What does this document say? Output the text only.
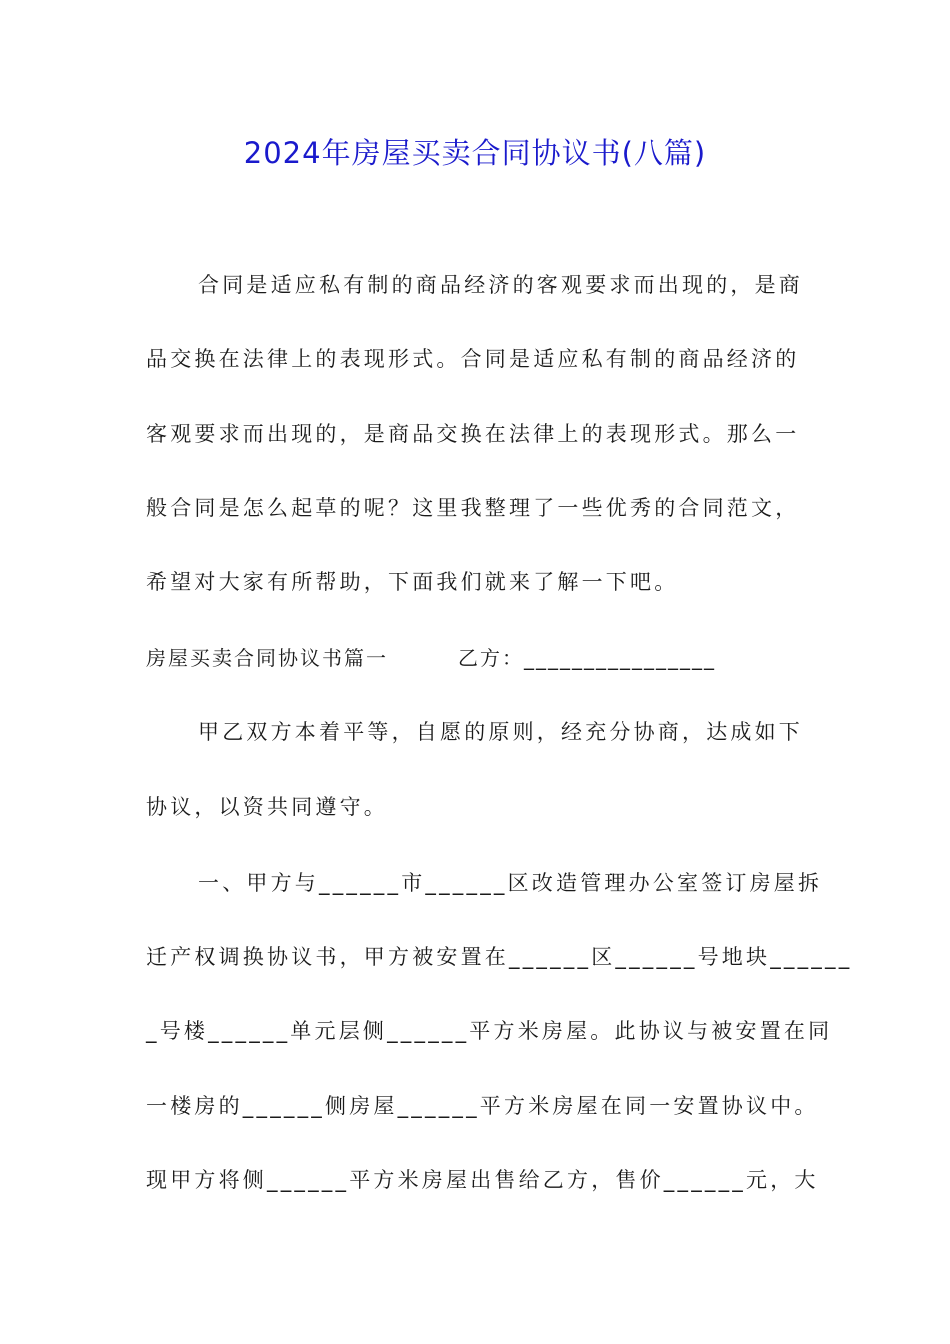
2024年房屋买卖合同协议书(八篇)
合同是适应私有制的商品经济的客观要求而出现的，是商
品交换在法律上的表现形式。合同是适应私有制的商品经济的
客观要求而出现的，是商品交换在法律上的表现形式。那么一
般合同是怎么起草的呢？这里我整理了一些优秀的合同范文，
希望对大家有所帮助，下面我们就来了解一下吧。
房屋买卖合同协议书篇一	乙方：________________
甲乙双方本着平等，自愿的原则，经充分协商，达成如下
协议，以资共同遵守。
一、甲方与______市______区改造管理办公室签订房屋拆
迁产权调换协议书，甲方被安置在______区______号地块______
_号楼______单元层侧______平方米房屋。此协议与被安置在同
一楼房的______侧房屋______平方米房屋在同一安置协议中。
现甲方将侧______平方米房屋出售给乙方，售价______元，大
